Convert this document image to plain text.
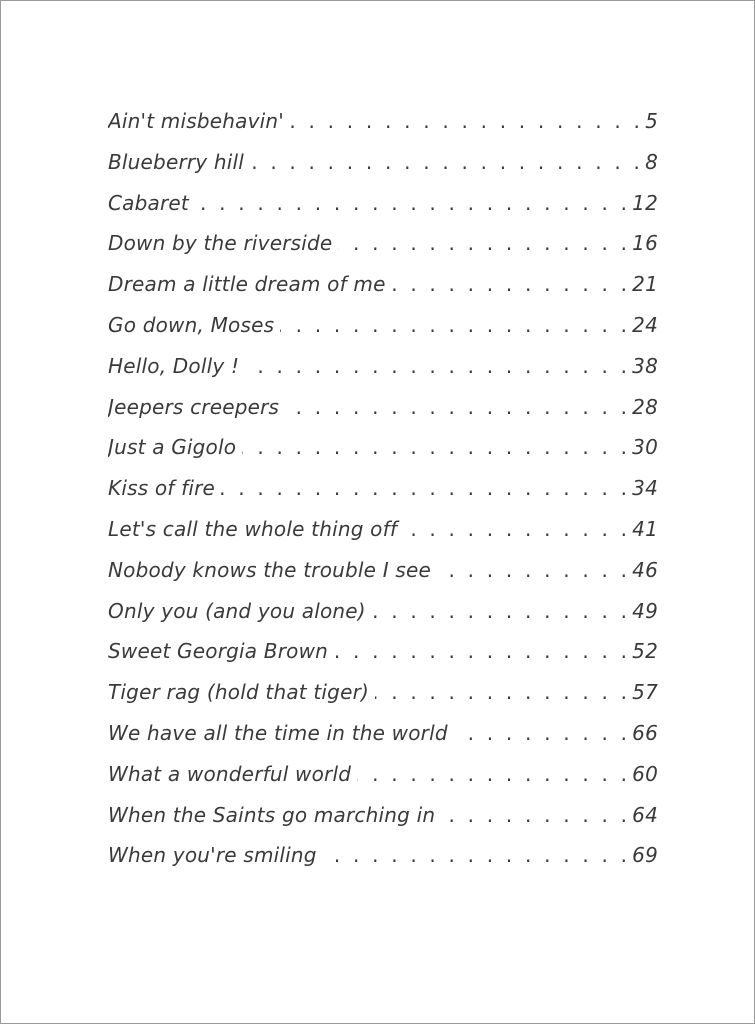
Ain't misbehavin' . . .	5
Blueberry hill . . .	8
Cabaret . . .	12
Down by the riverside . . .	16
Dream a little dream of me . . .	21
Go down, Moses . . .	24
Hello, Dolly ! . . .	38
Jeepers creepers . . .	28
Just a Gigolo . . .	30
Kiss of fire . . .	34
Let's call the whole thing off . . .	41
Nobody knows the trouble I see . . .	46
Only you (and you alone) . . .	49
Sweet Georgia Brown . . .	52
Tiger rag (hold that tiger) . . .	57
We have all the time in the world . . .	66
What a wonderful world . . .	60
When the Saints go marching in . . .	64
When you're smiling . . .	69
